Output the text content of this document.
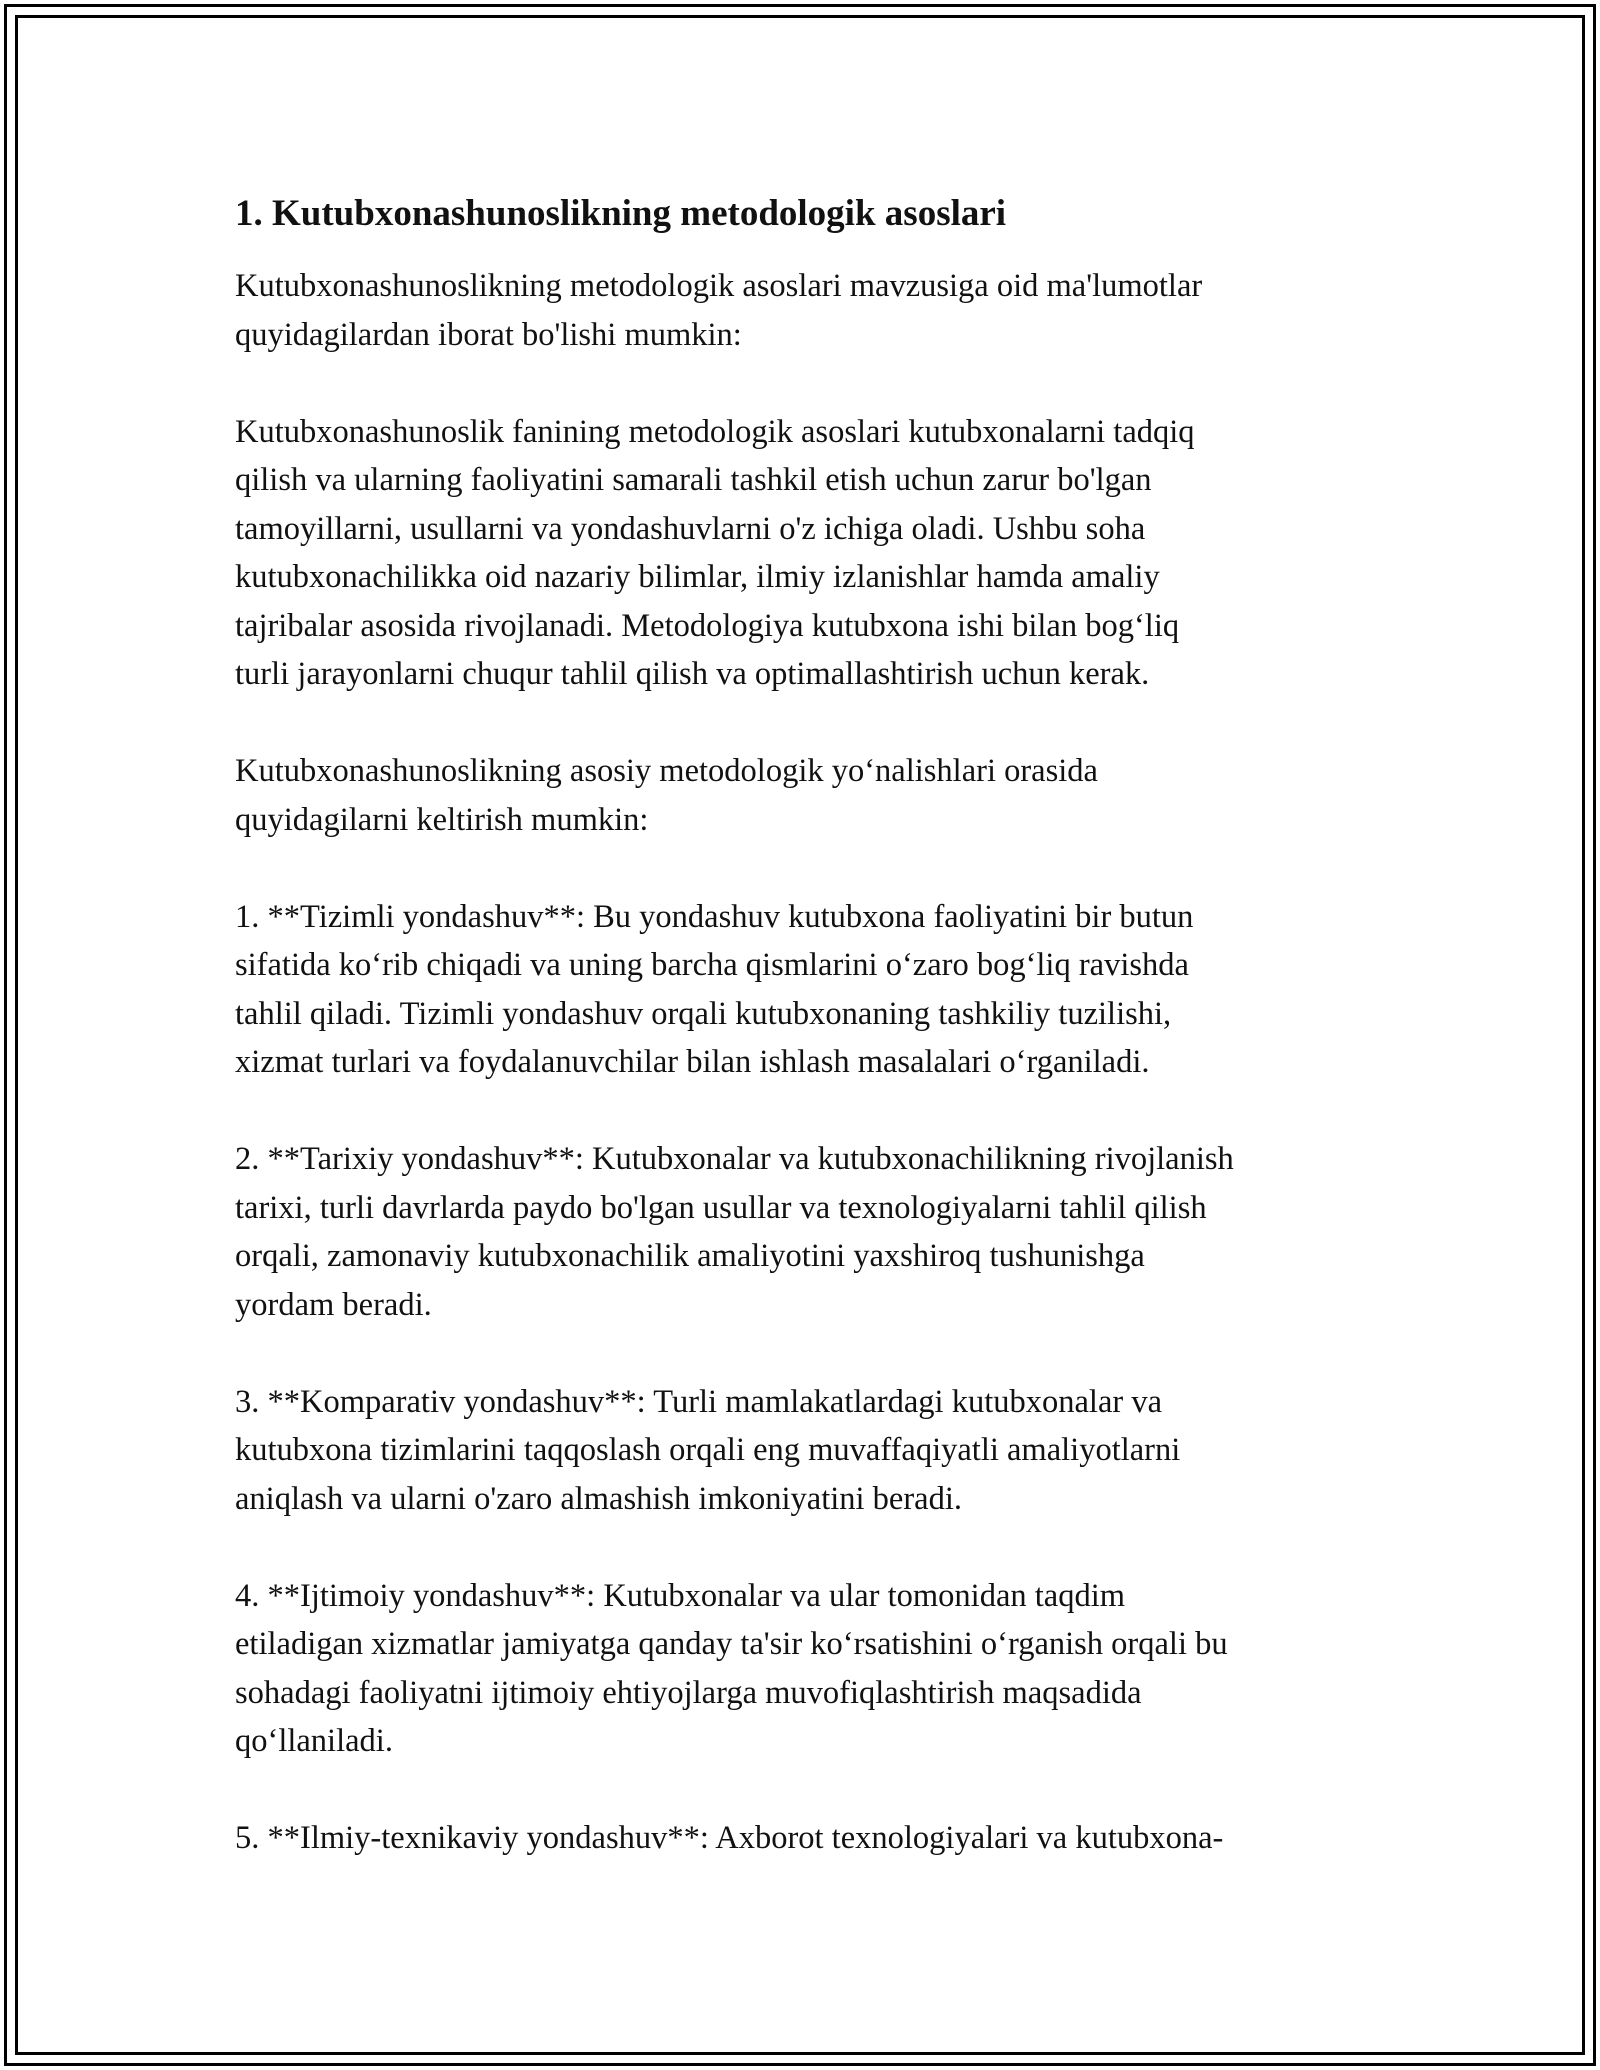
1. Kutubxonashunoslikning metodologik asoslari
Kutubxonashunoslikning metodologik asoslari mavzusiga oid ma'lumotlar
quyidagilardan iborat bo'lishi mumkin:
Kutubxonashunoslik fanining metodologik asoslari kutubxonalarni tadqiq
qilish va ularning faoliyatini samarali tashkil etish uchun zarur bo'lgan
tamoyillarni, usullarni va yondashuvlarni o'z ichiga oladi. Ushbu soha
kutubxonachilikka oid nazariy bilimlar, ilmiy izlanishlar hamda amaliy
tajribalar asosida rivojlanadi. Metodologiya kutubxona ishi bilan bog‘liq
turli jarayonlarni chuqur tahlil qilish va optimallashtirish uchun kerak.
Kutubxonashunoslikning asosiy metodologik yo‘nalishlari orasida
quyidagilarni keltirish mumkin:
1. **Tizimli yondashuv**: Bu yondashuv kutubxona faoliyatini bir butun
sifatida ko‘rib chiqadi va uning barcha qismlarini o‘zaro bog‘liq ravishda
tahlil qiladi. Tizimli yondashuv orqali kutubxonaning tashkiliy tuzilishi,
xizmat turlari va foydalanuvchilar bilan ishlash masalalari o‘rganiladi.
2. **Tarixiy yondashuv**: Kutubxonalar va kutubxonachilikning rivojlanish
tarixi, turli davrlarda paydo bo'lgan usullar va texnologiyalarni tahlil qilish
orqali, zamonaviy kutubxonachilik amaliyotini yaxshiroq tushunishga
yordam beradi.
3. **Komparativ yondashuv**: Turli mamlakatlardagi kutubxonalar va
kutubxona tizimlarini taqqoslash orqali eng muvaffaqiyatli amaliyotlarni
aniqlash va ularni o'zaro almashish imkoniyatini beradi.
4. **Ijtimoiy yondashuv**: Kutubxonalar va ular tomonidan taqdim
etiladigan xizmatlar jamiyatga qanday ta'sir ko‘rsatishini o‘rganish orqali bu
sohadagi faoliyatni ijtimoiy ehtiyojlarga muvofiqlashtirish maqsadida
qo‘llaniladi.
5. **Ilmiy-texnikaviy yondashuv**: Axborot texnologiyalari va kutubxona-
